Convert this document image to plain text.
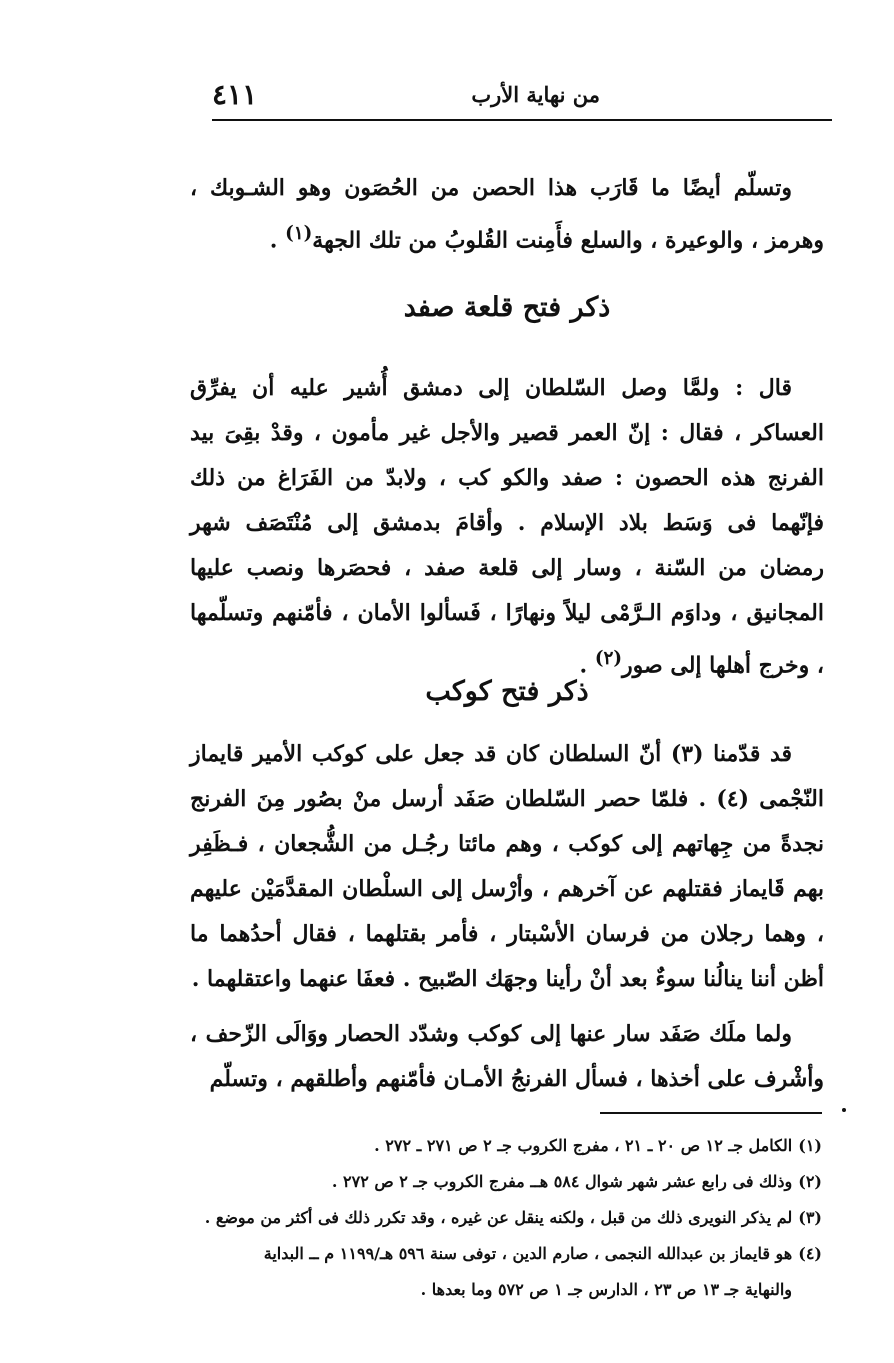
من نهاية الأرب
٤١١

وتسلّم أيضًا ما قَارَب هذا الحصن من الحُصَون وهو الشـوبك ، وهرمز ، والوعيرة ، والسلع فأَمِنت القُلوبُ من تلك الجهة$^{(١)}$ .

ذكر فتح قلعة صفد

قال : ولمَّا وصل السّلطان إلى دمشق أُشير عليه أن يفرِّق العساكر ، فقال : إنّ العمر قصير والأجل غير مأمون ، وقدْ بقِىَ بيد الفرنج هذه الحصون : صفد والكو كب ، ولابدّ من الفَرَاغ من ذلك فإنّهما فى وَسَط بلاد الإسلام . وأقامَ بدمشق إلى مُنْتَصَف شهر رمضان من السّنة ، وسار إلى قلعة صفد ، فحصَرها ونصب عليها المجانيق ، وداوَم الـرَّمْى ليلاً ونهارًا ، فَسألوا الأمان ، فأمّنهم وتسلّمها ، وخرج أهلها إلى صور$^{(٢)}$ .

ذكر فتح كوكب

قد قدّمنا (٣) أنّ السلطان كان قد جعل على كوكب الأمير قايماز النّجْمى (٤) . فلمّا حصر السّلطان صَفَد أرسل منْ بصُور مِنَ الفرنج نجدةً من جِهاتهم إلى كوكب ، وهم مائتا رجُـل من الشُّجعان ، فـظَفِر بهم قَايماز فقتلهم عن آخرهم ، وأرْسل إلى السلْطان المقدَّمَيْن عليهم ، وهما رجلان من فرسان الأسْبتار ، فأمر بقتلهما ، فقال أحدُهما ما أظن أننا ينالُنا سوءٌ بعد أنْ رأينا وجهَك الصّبيح . فعفَا عنهما واعتقلهما .

ولما ملَك صَفَد سار عنها إلى كوكب وشدّد الحصار ووَالَى الزّحف ، وأشْرف على أخذها ، فسأل الفرنجُ الأمـان فأمّنهم وأطلقهم ، وتسلّم

(١)الكامل جـ ١٢ ص ٢٠ ـ ٢١ ، مفرج الكروب جـ ٢ ص ٢٧١ ـ ٢٧٢ .

(٢)وذلك فى رابع عشر شهر شوال ٥٨٤ هــ مفرج الكروب جـ ٢ ص ٢٧٢ .

(٣)لم يذكر النويرى ذلك من قبل ، ولكنه ينقل عن غيره ، وقد تكرر ذلك فى أكثر من موضع .

(٤)هو قايماز بن عبدالله النجمى ، صارم الدين ، توفى سنة ٥٩٦ هـ/١١٩٩ م ــ البداية

والنهاية جـ ١٣ ص ٢٣ ، الدارس جـ ١ ص ٥٧٢ وما بعدها .
